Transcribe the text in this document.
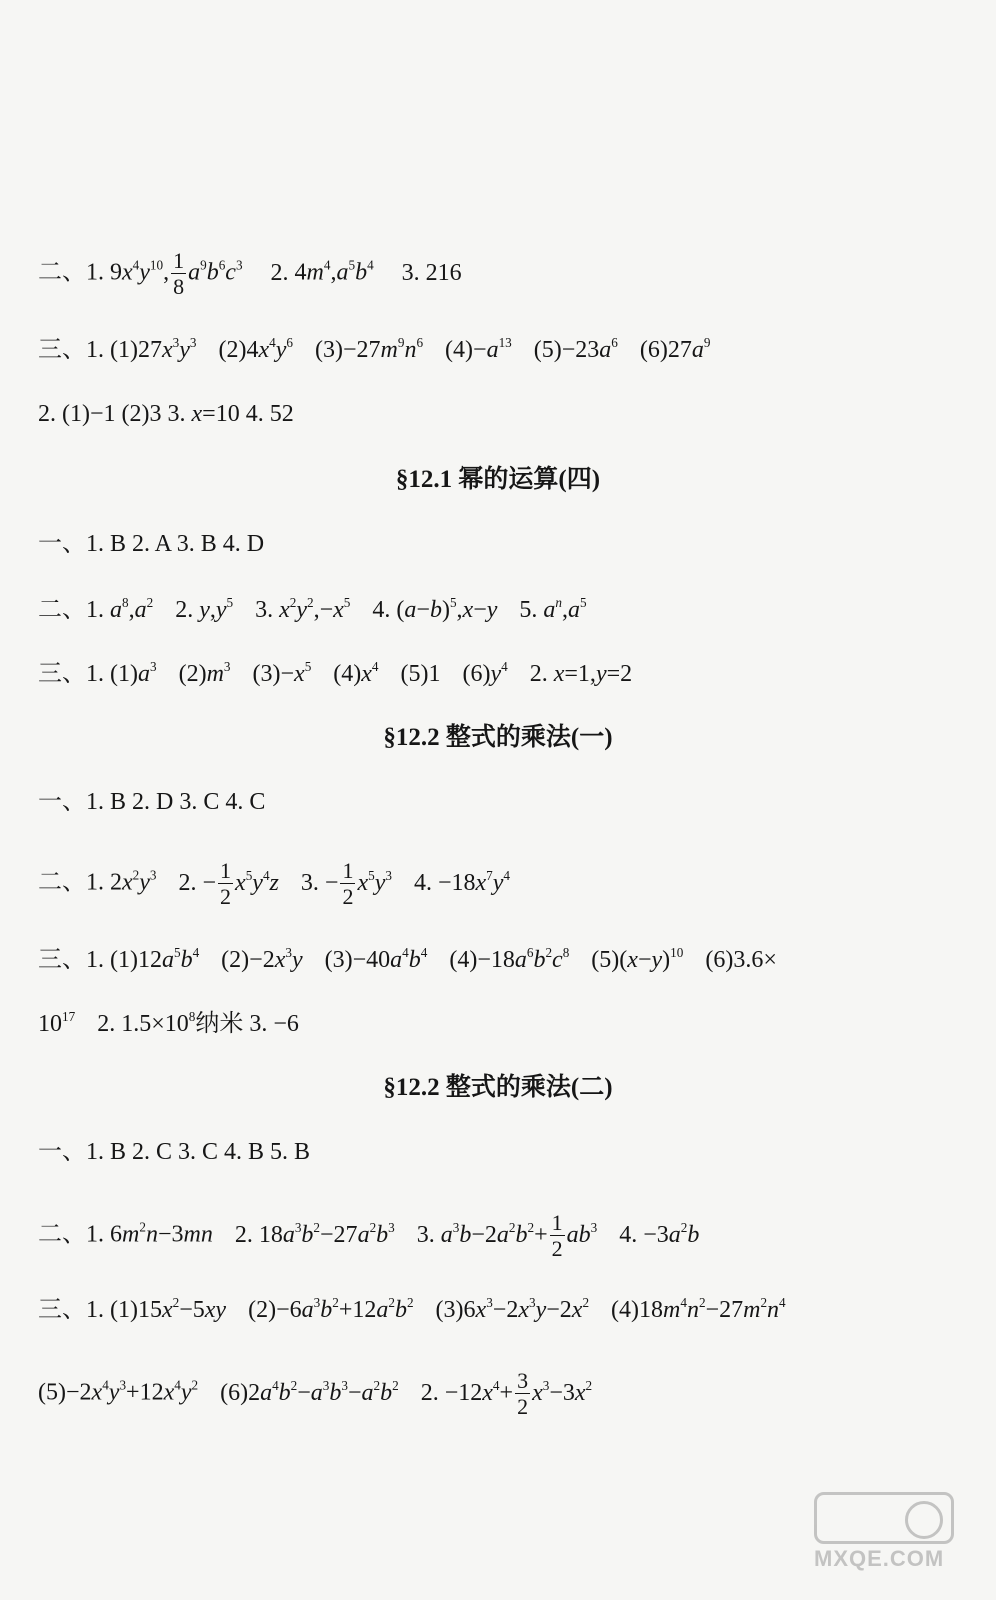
二、1. $9x^4y^{10}$, $\frac{1}{8} a^9b^6c^3$ 2. $4m^4,a^5b^4$ 3. 216
三、1. $(1)27x^3y^3$ $(2)4x^4y^6$ $(3)-27m^9n^6$ $(4)-a^{13}$ $(5)-23a^6$ $(6)27a^9$
2. (1)−1 (2)3 3. x=10 4. 52
§12.1 幂的运算(四)
一、1. B 2. A 3. B 4. D
二、1. $a^8,a^2$ 2. $y,y^5$ 3. $x^2y^2,-x^5$ 4. $(a-b)^5,x-y$ 5. $a^n,a^5$
三、1. $(1)a^3$ $(2)m^3$ $(3)-x^5$ $(4)x^4$ (5)1 $(6)y^4$ 2. x=1,y=2
§12.2 整式的乘法(一)
一、1. B 2. D 3. C 4. C
二、1. $2x^2y^3$ 2. − $\frac{1}{2} x^5y^4z$ 3. − $\frac{1}{2} x^5y^3$ 4. $-18x^7y^4$
三、1. $(1)12a^5b^4$ $(2)-2x^3y$ $(3)-40a^4b^4$ $(4)-18a^6b^2c^8$ $(5)(x-y)^{10}$ (6)3.6×
$10^{17}$ 2. $1.5\times 10^8$纳米 3. −6
§12.2 整式的乘法(二)
一、1. B 2. C 3. C 4. B 5. B
二、1. $6m^2n-3mn$ 2. $18a^3b^2-27a^2b^3$ 3. $a^3b-2a^2b^2+ \frac{1}{2} ab^3$ 4. $-3a^2b$
三、1. $(1)15x^2-5xy$ $(2)-6a^3b^2+12a^2b^2$ $(3)6x^3-2x^3y-2x^2$ $(4)18m^4n^2-27m^2n^4$
$(5)-2x^4y^3+12x^4y^2$ $(6)2a^4b^2-a^3b^3-a^2b^2$ 2. $-12x^4+ \frac{3}{2} x^3-3x^2$
MXQE.COM
